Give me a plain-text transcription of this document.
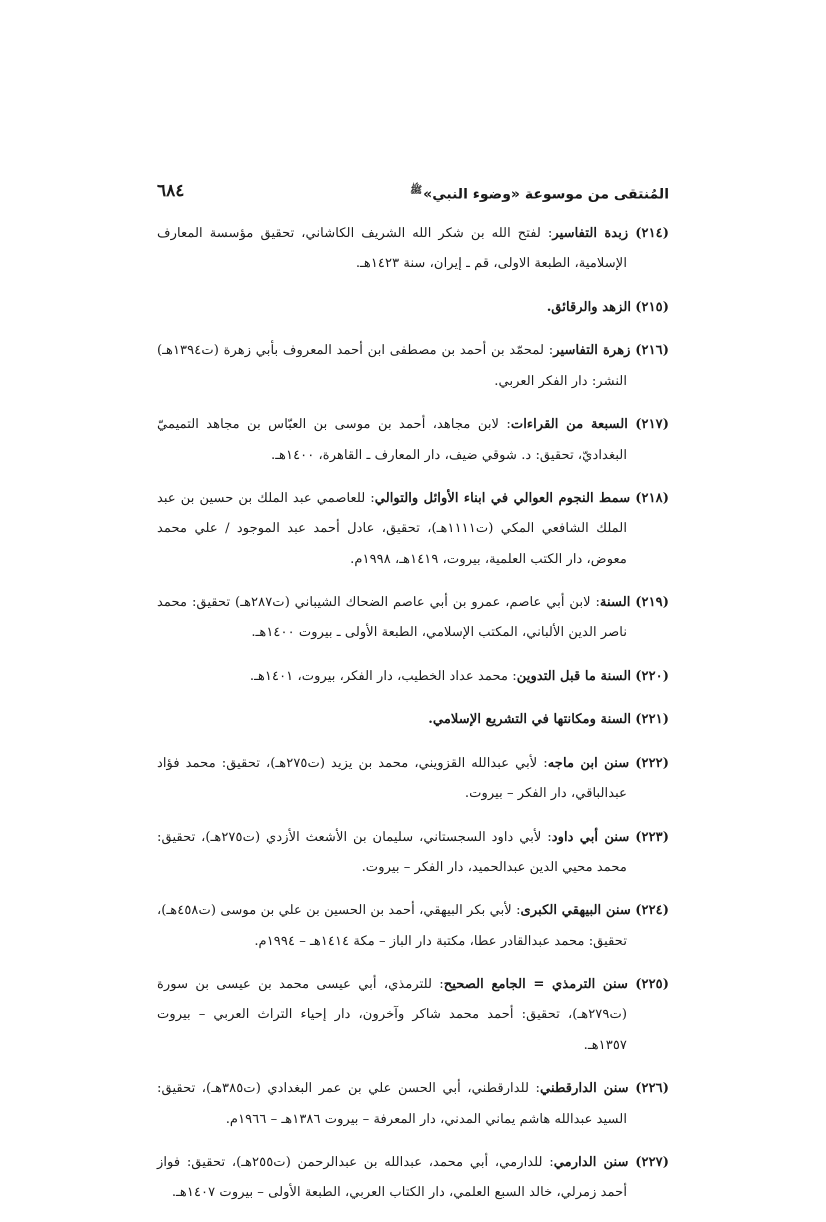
٦٨٤	المُنتقى من موسوعة «وضوء النبي»$^ﷺ$

(٢١٤) زبدة التفاسير: لفتح الله بن شكر الله الشريف الكاشاني، تحقيق مؤسسة المعارف الإسلامية، الطبعة الاولى، قم ـ إيران، سنة ١٤٢٣هـ.

(٢١٥) الزهد والرقائق.

(٢١٦) زهرة التفاسير: لمحمّد بن أحمد بن مصطفى ابن أحمد المعروف بأبي زهرة (ت١٣٩٤هـ) النشر: دار الفكر العربي.

(٢١٧) السبعة من القراءات: لابن مجاهد، أحمد بن موسى بن العبّاس بن مجاهد التميميّ البغداديّ، تحقيق: د. شوقي ضيف، دار المعارف ـ القاهرة، ١٤٠٠هـ.

(٢١٨) سمط النجوم العوالي في ابناء الأوائل والتوالي: للعاصمي عبد الملك بن حسين بن عبد الملك الشافعي المكي (ت١١١١هـ)، تحقيق، عادل أحمد عبد الموجود / علي محمد معوض، دار الكتب العلمية، بيروت، ١٤١٩هـ، ١٩٩٨م.

(٢١٩) السنة: لابن أبي عاصم، عمرو بن أبي عاصم الضحاك الشيباني (ت٢٨٧هـ) تحقيق: محمد ناصر الدين الألباني، المكتب الإسلامي، الطبعة الأولى ـ بيروت ١٤٠٠هـ.

(٢٢٠) السنة ما قبل التدوين: محمد عداد الخطيب، دار الفكر، بيروت، ١٤٠١هـ.

(٢٢١) السنة ومكانتها في التشريع الإسلامي.

(٢٢٢) سنن ابن ماجه: لأبي عبدالله القزويني، محمد بن يزيد (ت٢٧٥هـ)، تحقيق: محمد فؤاد عبدالباقي، دار الفكر – بيروت.

(٢٢٣) سنن أبي داود: لأبي داود السجستاني، سليمان بن الأشعث الأزدي (ت٢٧٥هـ)، تحقيق: محمد محيي الدين عبدالحميد، دار الفكر – بيروت.

(٢٢٤) سنن البيهقي الكبرى: لأبي بكر البيهقي، أحمد بن الحسين بن علي بن موسى (ت٤٥٨هـ)، تحقيق: محمد عبدالقادر عطا، مكتبة دار الباز – مكة ١٤١٤هـ – ١٩٩٤م.

(٢٢٥) سنن الترمذي = الجامع الصحيح: للترمذي، أبي عيسى محمد بن عيسى بن سورة (ت٢٧٩هـ)، تحقيق: أحمد محمد شاكر وآخرون، دار إحياء التراث العربي – بيروت ١٣٥٧هـ.

(٢٢٦) سنن الدارقطني: للدارقطني، أبي الحسن علي بن عمر البغدادي (ت٣٨٥هـ)، تحقيق: السيد عبدالله هاشم يماني المدني، دار المعرفة – بيروت ١٣٨٦هـ – ١٩٦٦م.

(٢٢٧) سنن الدارمي: للدارمي، أبي محمد، عبدالله بن عبدالرحمن (ت٢٥٥هـ)، تحقيق: فواز أحمد زمرلي، خالد السبع العلمي، دار الكتاب العربي، الطبعة الأولى – بيروت ١٤٠٧هـ.
